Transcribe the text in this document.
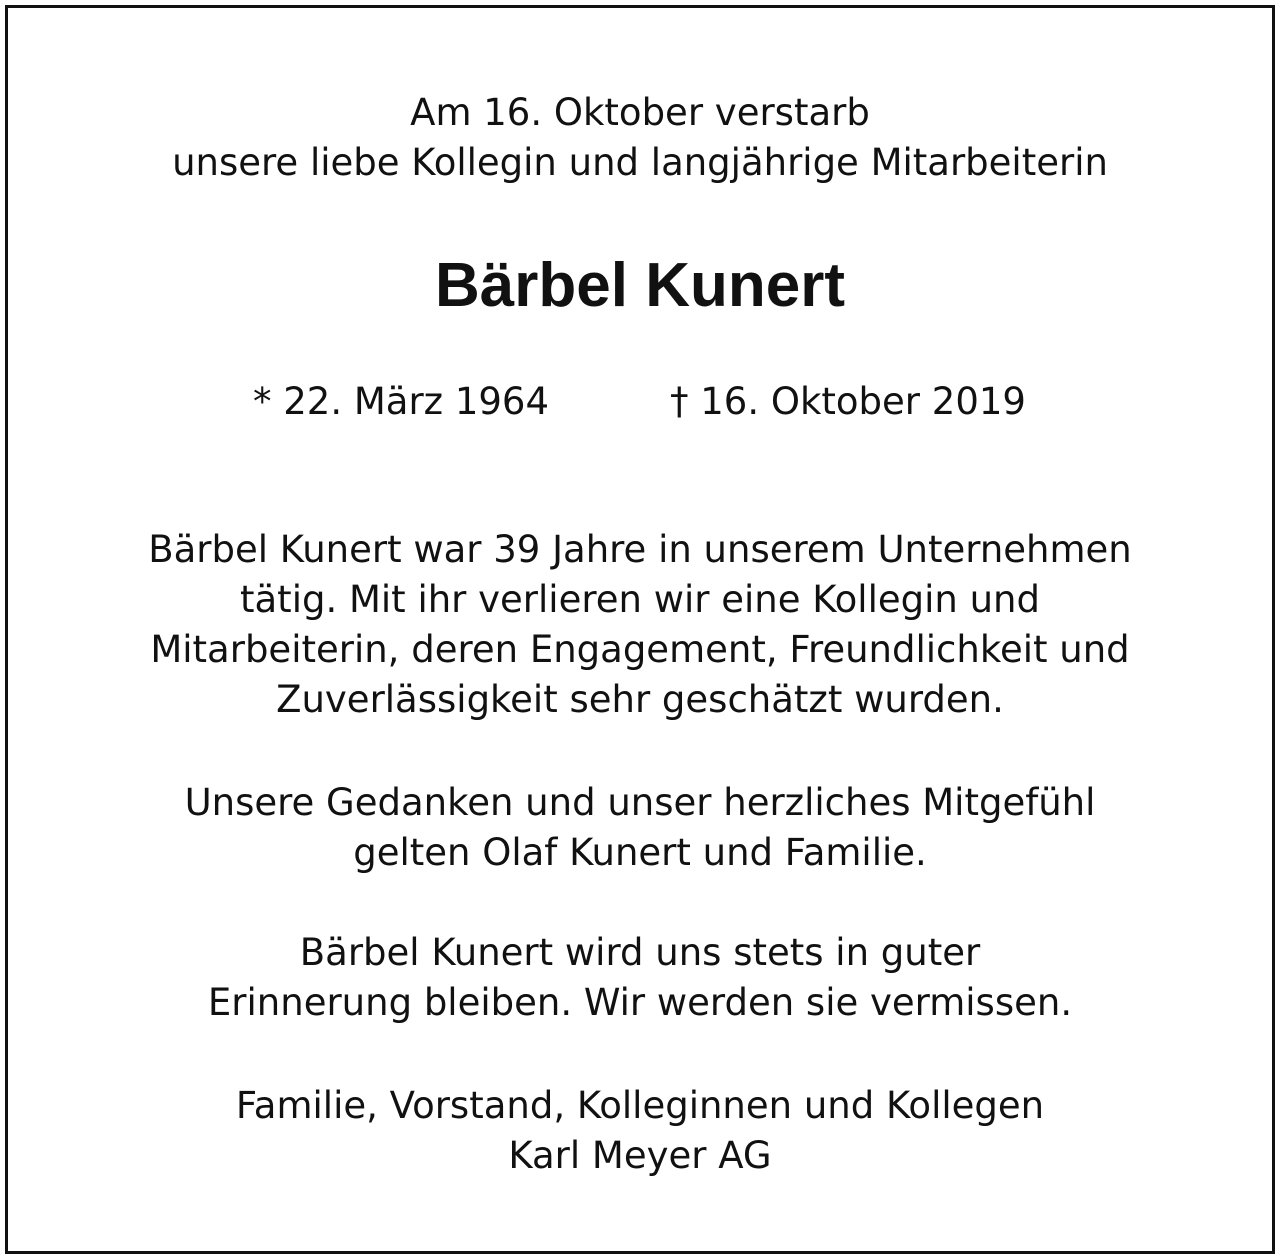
Am 16. Oktober verstarb
unsere liebe Kollegin und langjährige Mitarbeiterin
Bärbel Kunert
* 22. März 1964	† 16. Oktober 2019
Bärbel Kunert war 39 Jahre in unserem Unternehmen
tätig. Mit ihr verlieren wir eine Kollegin und
Mitarbeiterin, deren Engagement, Freundlichkeit und
Zuverlässigkeit sehr geschätzt wurden.
Unsere Gedanken und unser herzliches Mitgefühl
gelten Olaf Kunert und Familie.
Bärbel Kunert wird uns stets in guter
Erinnerung bleiben. Wir werden sie vermissen.
Familie, Vorstand, Kolleginnen und Kollegen
Karl Meyer AG
